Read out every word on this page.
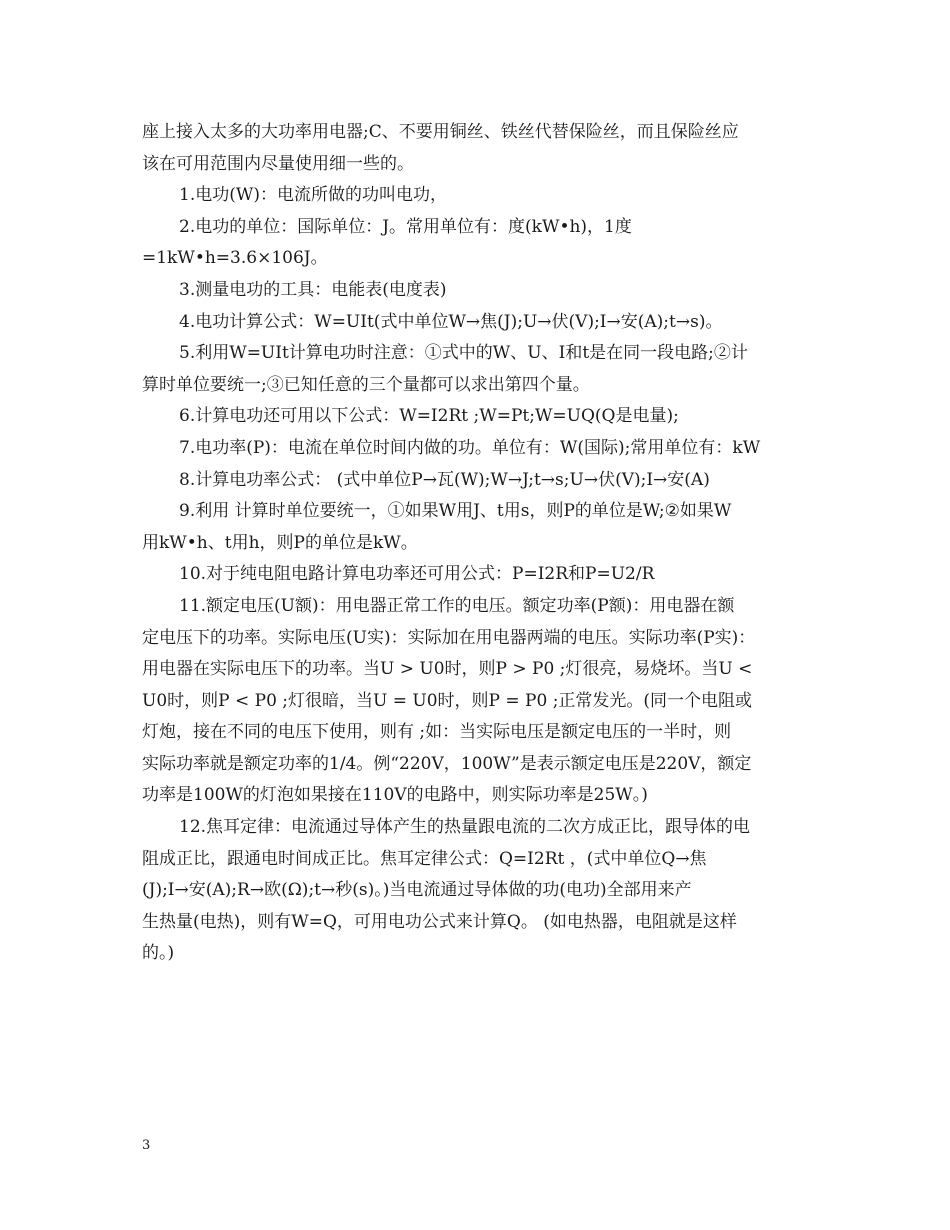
座上接入太多的大功率用电器;C、不要用铜丝、铁丝代替保险丝，而且保险丝应
该在可用范围内尽量使用细一些的。
1.电功(W)：电流所做的功叫电功，
2.电功的单位：国际单位：J。常用单位有：度(kW•h)，1度
=1kW•h=3.6×106J。
3.测量电功的工具：电能表(电度表)
4.电功计算公式：W=UIt(式中单位W→焦(J);U→伏(V);I→安(A);t→s)。
5.利用W=UIt计算电功时注意：①式中的W、U、I和t是在同一段电路;②计
算时单位要统一;③已知任意的三个量都可以求出第四个量。
6.计算电功还可用以下公式：W=I2Rt ;W=Pt;W=UQ(Q是电量);
7.电功率(P)：电流在单位时间内做的功。单位有：W(国际);常用单位有：kW
8.计算电功率公式： (式中单位P→瓦(W);W→J;t→s;U→伏(V);I→安(A)
9.利用 计算时单位要统一，①如果W用J、t用s，则P的单位是W;②如果W
用kW•h、t用h，则P的单位是kW。
10.对于纯电阻电路计算电功率还可用公式：P=I2R和P=U2/R
11.额定电压(U额)：用电器正常工作的电压。额定功率(P额)：用电器在额
定电压下的功率。实际电压(U实)：实际加在用电器两端的电压。实际功率(P实)：
用电器在实际电压下的功率。当U > U0时，则P > P0 ;灯很亮，易烧坏。当U <
U0时，则P < P0 ;灯很暗，当U = U0时，则P = P0 ;正常发光。(同一个电阻或
灯炮，接在不同的电压下使用，则有 ;如：当实际电压是额定电压的一半时，则
实际功率就是额定功率的1/4。例“220V，100W”是表示额定电压是220V，额定
功率是100W的灯泡如果接在110V的电路中，则实际功率是25W。)
12.焦耳定律：电流通过导体产生的热量跟电流的二次方成正比，跟导体的电
阻成正比，跟通电时间成正比。焦耳定律公式：Q=I2Rt ，(式中单位Q→焦
(J);I→安(A);R→欧(Ω);t→秒(s)。)当电流通过导体做的功(电功)全部用来产
生热量(电热)，则有W=Q，可用电功公式来计算Q。 (如电热器，电阻就是这样
的。)
3
